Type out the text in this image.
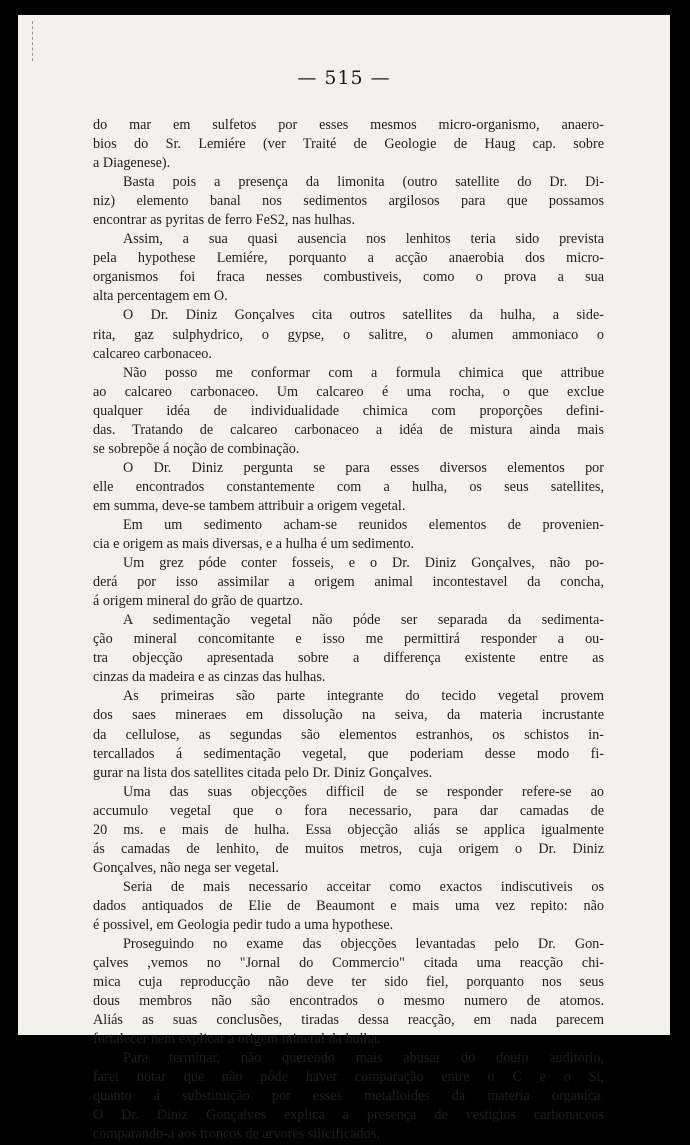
— 515 —
do mar em sulfetos por esses mesmos micro-organismo, anaero-
bios do Sr. Lemiére (ver Traité de Geologie de Haug cap. sobre
a Diagenese).
Basta pois a presença da limonita (outro satellite do Dr. Di-
niz) elemento banal nos sedimentos argilosos para que possamos
encontrar as pyritas de ferro FeS2, nas hulhas.
Assim, a sua quasi ausencia nos lenhitos teria sido prevista
pela hypothese Lemiére, porquanto a acção anaerobia dos micro-
organismos foi fraca nesses combustiveis, como o prova a sua
alta percentagem em O.
O Dr. Diniz Gonçalves cita outros satellites da hulha, a side-
rita, gaz sulphydrico, o gypse, o salitre, o alumen ammoniaco o
calcareo carbonaceo.
Não posso me conformar com a formula chimica que attribue
ao calcareo carbonaceo. Um calcareo é uma rocha, o que exclue
qualquer idéa de individualidade chimica com proporções defini-
das. Tratando de calcareo carbonaceo a idéa de mistura ainda mais
se sobrepõe á noção de combinação.
O Dr. Diniz pergunta se para esses diversos elementos por
elle encontrados constantemente com a hulha, os seus satellites,
em summa, deve-se tambem attribuir a origem vegetal.
Em um sedimento acham-se reunidos elementos de provenien-
cia e origem as mais diversas, e a hulha é um sedimento.
Um grez póde conter fosseis, e o Dr. Diniz Gonçalves, não po-
derá por isso assimilar a origem animal incontestavel da concha,
á origem mineral do grão de quartzo.
A sedimentação vegetal não póde ser separada da sedimenta-
ção mineral concomitante e isso me permittirá responder a ou-
tra objecção apresentada sobre a differença existente entre as
cinzas da madeira e as cinzas das hulhas.
As primeiras são parte integrante do tecido vegetal provem
dos saes mineraes em dissolução na seiva, da materia incrustante
da cellulose, as segundas são elementos estranhos, os schistos in-
tercallados á sedimentação vegetal, que poderiam desse modo fi-
gurar na lista dos satellites citada pelo Dr. Diniz Gonçalves.
Uma das suas objecções difficil de se responder refere-se ao
accumulo vegetal que o fora necessario, para dar camadas de
20 ms. e mais de hulha. Essa objecção aliás se applica igualmente
ás camadas de lenhito, de muitos metros, cuja origem o Dr. Diniz
Gonçalves, não nega ser vegetal.
Seria de mais necessario acceitar como exactos indiscutiveis os
dados antiquados de Elie de Beaumont e mais uma vez repito: não
é possivel, em Geologia pedir tudo a uma hypothese.
Proseguindo no exame das objecções levantadas pelo Dr. Gon-
çalves ,vemos no "Jornal do Commercio" citada uma reacção chi-
mica cuja reproducção não deve ter sido fiel, porquanto nos seus
dous membros não são encontrados o mesmo numero de atomos.
Aliás as suas conclusões, tiradas dessa reacção, em nada parecem
fortalecer nem explicar a origem mineral da hulha.
Para terminar, não querendo mais abusar do douto auditorio,
farei notar que não póde haver comparação entre o C e o Si,
quanto á substituição por esses metalloides da materia organica.
O Dr. Diniz Gonçalves explica a presença de vestigios carbonaceos
comparando-a aos troncos de arvores silicificados.
